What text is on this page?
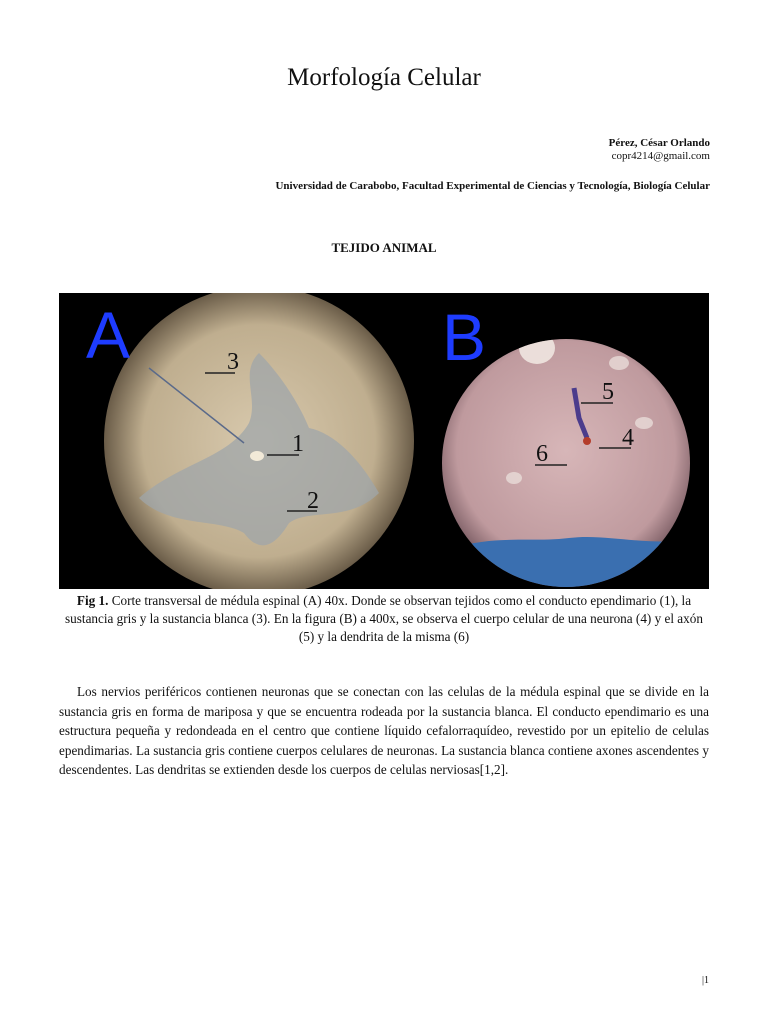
Morfología Celular
Pérez, César Orlando
copr4214@gmail.com
Universidad de Carabobo, Facultad Experimental de Ciencias y Tecnología, Biología Celular
TEJIDO ANIMAL
A
1
2
3	B
4
5
6
Fig 1. Corte transversal de médula espinal (A) 40x. Donde se observan tejidos como el conducto ependimario (1), la sustancia gris y la sustancia blanca (3). En la figura (B) a 400x, se observa el cuerpo celular de una neurona (4) y el axón (5) y la dendrita de la misma (6)

Los nervios periféricos contienen neuronas que se conectan con las celulas de la médula espinal que se divide en la sustancia gris en forma de mariposa y que se encuentra rodeada por la sustancia blanca. El conducto ependimario es una estructura pequeña y redondeada en el centro que contiene líquido cefalorraquídeo, revestido por un epitelio de celulas ependimarias. La sustancia gris contiene cuerpos celulares de neuronas. La sustancia blanca contiene axones ascendentes y descendentes. Las dendritas se extienden desde los cuerpos de celulas nerviosas[1,2].

|1
